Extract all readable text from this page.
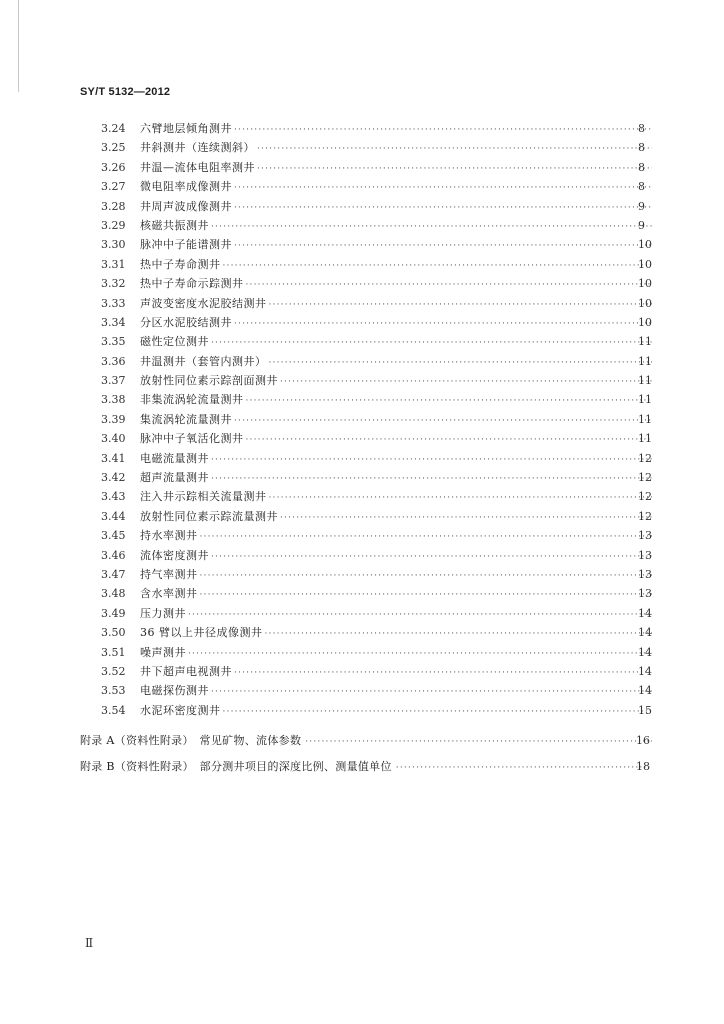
SY/T 5132—2012
3.24	六臂地层倾角测井 ·····	8
3.25	井斜测井（连续测斜） ·····	8
3.26	井温—流体电阻率测井 ·····	8
3.27	微电阻率成像测井 ·····	8
3.28	井周声波成像测井 ·····	9
3.29	核磁共振测井 ·····	9
3.30	脉冲中子能谱测井 ·····	10
3.31	热中子寿命测井 ·····	10
3.32	热中子寿命示踪测井 ·····	10
3.33	声波变密度水泥胶结测井 ·····	10
3.34	分区水泥胶结测井 ·····	10
3.35	磁性定位测井 ·····	11
3.36	井温测井（套管内测井） ·····	11
3.37	放射性同位素示踪剖面测井 ·····	11
3.38	非集流涡轮流量测井 ·····	11
3.39	集流涡轮流量测井 ·····	11
3.40	脉冲中子氧活化测井 ·····	11
3.41	电磁流量测井 ·····	12
3.42	超声流量测井 ·····	12
3.43	注入井示踪相关流量测井 ·····	12
3.44	放射性同位素示踪流量测井 ·····	12
3.45	持水率测井 ·····	13
3.46	流体密度测井 ·····	13
3.47	持气率测井 ·····	13
3.48	含水率测井 ·····	13
3.49	压力测井 ·····	14
3.50	36 臂以上井径成像测井 ·····	14
3.51	噪声测井 ·····	14
3.52	井下超声电视测井 ·····	14
3.53	电磁探伤测井 ·····	14
3.54	水泥环密度测井 ·····	15
附录 A（资料性附录）　常见矿物、流体参数 ·····	16
附录 B（资料性附录）　部分测井项目的深度比例、测量值单位 ·····	18
Ⅱ
